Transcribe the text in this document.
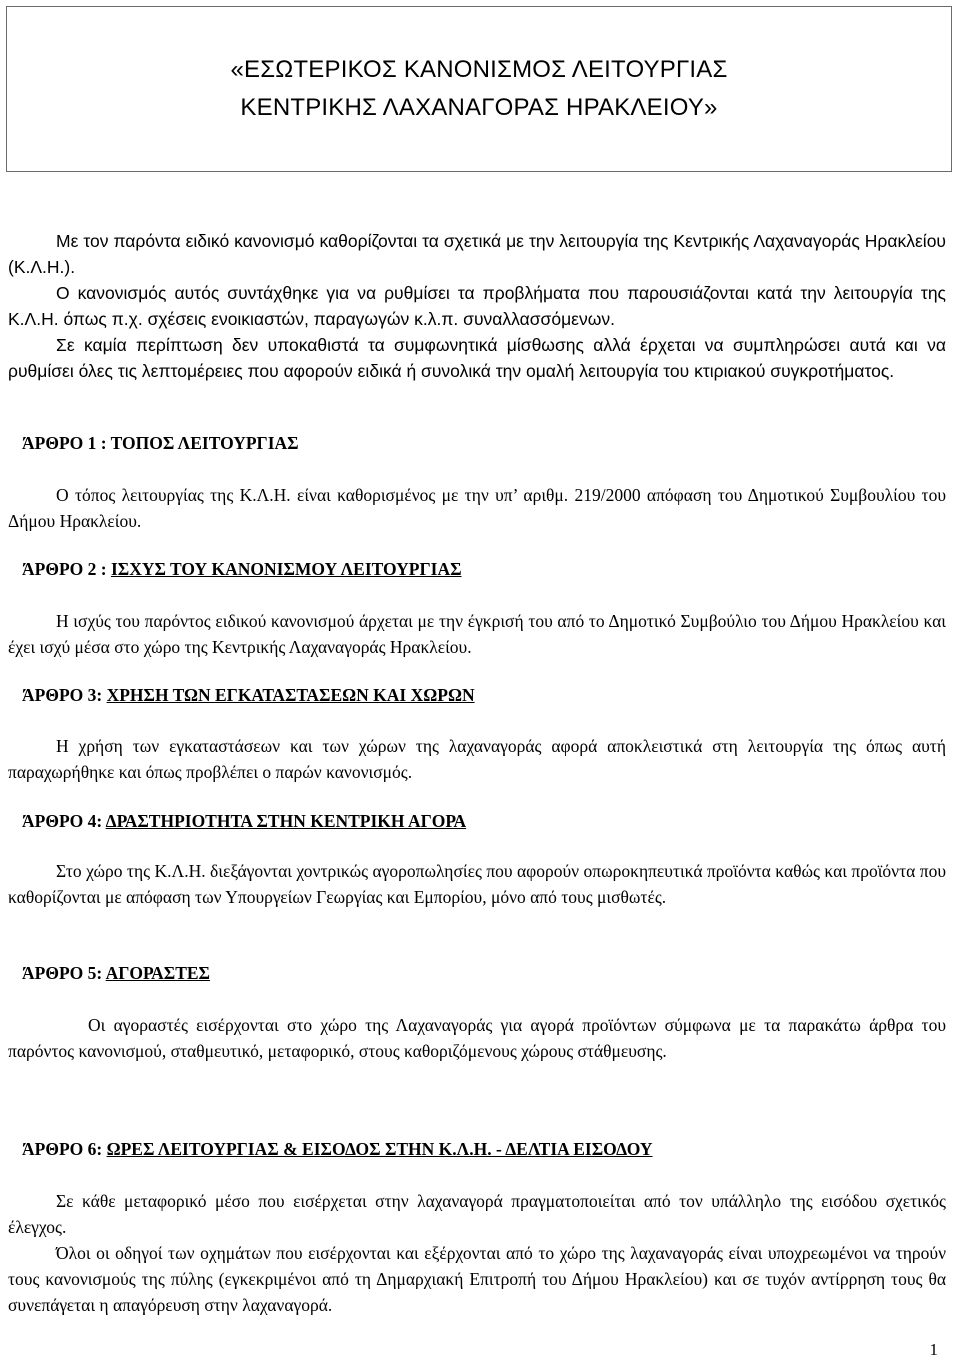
«ΕΣΩΤΕΡΙΚΟΣ ΚΑΝΟΝΙΣΜΟΣ ΛΕΙΤΟΥΡΓΙΑΣ
ΚΕΝΤΡΙΚΗΣ ΛΑΧΑΝΑΓΟΡΑΣ ΗΡΑΚΛΕΙΟΥ»

Με τον παρόντα ειδικό κανονισμό καθορίζονται τα σχετικά με την λειτουργία της Κεντρικής Λαχαναγοράς Ηρακλείου (Κ.Λ.Η.).

Ο κανονισμός αυτός συντάχθηκε για να ρυθμίσει τα προβλήματα που παρουσιάζονται κατά την λειτουργία της Κ.Λ.Η. όπως π.χ. σχέσεις ενοικιαστών, παραγωγών κ.λ.π. συναλλασσόμενων.

Σε καμία περίπτωση δεν υποκαθιστά τα συμφωνητικά μίσθωσης αλλά έρχεται να συμπληρώσει αυτά και να ρυθμίσει όλες τις λεπτομέρειες που αφορούν ειδικά ή συνολικά την ομαλή λειτουργία του κτιριακού συγκροτήματος.

ΆΡΘΡΟ 1 : ΤΟΠΟΣ ΛΕΙΤΟΥΡΓΙΑΣ

Ο τόπος λειτουργίας της Κ.Λ.Η. είναι καθορισμένος με την υπ’ αριθμ. 219/2000 απόφαση του Δημοτικού Συμβουλίου του Δήμου Ηρακλείου.

ΆΡΘΡΟ 2 : ΙΣΧΥΣ ΤΟΥ ΚΑΝΟΝΙΣΜΟΥ ΛΕΙΤΟΥΡΓΙΑΣ

Η ισχύς του παρόντος ειδικού κανονισμού άρχεται με την έγκρισή του από το Δημοτικό Συμβούλιο του Δήμου Ηρακλείου και έχει ισχύ μέσα στο χώρο της Κεντρικής Λαχαναγοράς Ηρακλείου.

ΆΡΘΡΟ 3: ΧΡΗΣΗ ΤΩΝ ΕΓΚΑΤΑΣΤΑΣΕΩΝ ΚΑΙ ΧΩΡΩΝ

Η χρήση των εγκαταστάσεων και των χώρων της λαχαναγοράς αφορά αποκλειστικά στη λειτουργία της όπως αυτή παραχωρήθηκε και όπως προβλέπει ο παρών κανονισμός.

ΆΡΘΡΟ 4: ΔΡΑΣΤΗΡΙΟΤΗΤΑ ΣΤΗΝ ΚΕΝΤΡΙΚΗ ΑΓΟΡΑ

Στο χώρο της Κ.Λ.Η. διεξάγονται χοντρικώς αγοροπωλησίες που αφορούν οπωροκηπευτικά προϊόντα καθώς και προϊόντα που καθορίζονται με απόφαση των Υπουργείων Γεωργίας και Εμπορίου, μόνο από τους μισθωτές.

ΆΡΘΡΟ 5: ΑΓΟΡΑΣΤΕΣ

Οι αγοραστές εισέρχονται στο χώρο της Λαχαναγοράς για αγορά προϊόντων σύμφωνα με τα παρακάτω άρθρα του παρόντος κανονισμού, σταθμευτικό, μεταφορικό, στους καθοριζόμενους χώρους στάθμευσης.

ΆΡΘΡΟ 6: ΩΡΕΣ ΛΕΙΤΟΥΡΓΙΑΣ & ΕΙΣΟΔΟΣ ΣΤΗΝ Κ.Λ.Η. - ΔΕΛΤΙΑ ΕΙΣΟΔΟΥ

Σε κάθε μεταφορικό μέσο που εισέρχεται στην λαχαναγορά πραγματοποιείται από τον υπάλληλο της εισόδου σχετικός έλεγχος.

Όλοι οι οδηγοί των οχημάτων που εισέρχονται και εξέρχονται από το χώρο της λαχαναγοράς είναι υποχρεωμένοι να τηρούν τους κανονισμούς της πύλης (εγκεκριμένοι από τη Δημαρχιακή Επιτροπή του Δήμου Ηρακλείου) και σε τυχόν αντίρρηση τους θα συνεπάγεται η απαγόρευση στην λαχαναγορά.

1
